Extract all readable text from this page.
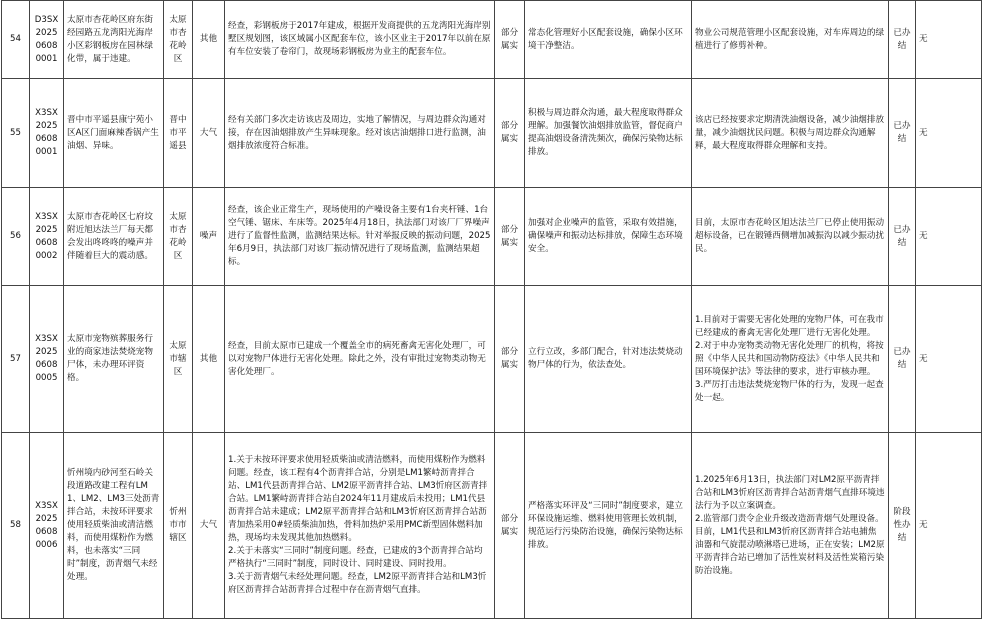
54	D3SX202506080001	太原市杏花岭区府东街经园路五龙湾阳光海岸小区彩钢板房在园林绿化带，属于违建。	太原市杏花岭区	其他	经查，彩钢板房于2017年建成，根据开发商提供的五龙湾阳光海岸别墅区规划图，该区域属小区配套车位，该小区业主于2017年以前在原有车位安装了卷帘门，故现场彩钢板房为业主的配套车位。	部分属实	常态化管理好小区配套设施，确保小区环境干净整洁。	物业公司规范管理小区配套设施，对车库周边的绿植进行了修剪补种。	已办结	无
55	X3SX202506080001	晋中市平遥县康宁苑小区A区门面麻辣香锅产生油烟、异味。	晋中市平遥县	大气	经有关部门多次走访该店及周边，实地了解情况，与周边群众沟通对接，存在因油烟排放产生异味现象。经对该店油烟排口进行监测，油烟排放浓度符合标准。	部分属实	积极与周边群众沟通，最大程度取得群众理解。加强餐饮油烟排放监管，督促商户提高油烟设备清洗频次，确保污染物达标排放。	该店已经按要求定期清洗油烟设备，减少油烟排放量，减少油烟扰民问题。积极与周边群众沟通解释，最大程度取得群众理解和支持。	已办结	无
56	X3SX202506080002	太原市杏花岭区七府坟附近旭达法兰厂每天都会发出咚咚咚的噪声并伴随着巨大的震动感。	太原市杏花岭区	噪声	经查，该企业正常生产，现场使用的产噪设备主要有1台夹杆锤、1台空气锤、锯床、车床等。2025年4月18日，执法部门对该厂厂界噪声进行了监督性监测，监测结果达标。针对举报反映的振动问题，2025年6月9日，执法部门对该厂振动情况进行了现场监测，监测结果超标。	部分属实	加强对企业噪声的监管，采取有效措施，确保噪声和振动达标排放，保障生态环境安全。	目前，太原市杏花岭区旭达法兰厂已停止使用振动超标设备，已在锻锤西侧增加减振沟以减少振动扰民。	已办结	无
57	X3SX202506080005	太原市宠物殡葬服务行业的商家违法焚烧宠物尸体，未办理环评资格。	太原市辖区	其他	经查，目前太原市已建成一个覆盖全市的病死畜禽无害化处理厂，可以对宠物尸体进行无害化处理。除此之外，没有审批过宠物类动物无害化处理厂。	部分属实	立行立改，多部门配合，针对违法焚烧动物尸体的行为，依法查处。	1.目前对于需要无害化处理的宠物尸体，可在我市已经建成的畜禽无害化处理厂进行无害化处理。
2.对于申办宠物类动物无害化处理厂的机构，将按照《中华人民共和国动物防疫法》《中华人民共和国环境保护法》等法律的要求，进行审核办理。
3.严厉打击违法焚烧宠物尸体的行为，发现一起查处一起。	已办结	无
58	X3SX202506080006	忻州境内砂河至石岭关段道路改建工程有LM1、LM2、LM3三处沥青拌合站，未按环评要求使用轻质柴油或清洁燃料，而使用煤粉作为燃料，也未落实“三同时”制度，沥青烟气未经处理。	忻州市市辖区	大气	1.关于未按环评要求使用轻质柴油或清洁燃料，而使用煤粉作为燃料问题。经查，该工程有4个沥青拌合站，分别是LM1繁峙沥青拌合站、LM1代县沥青拌合站、LM2原平沥青拌合站、LM3忻府区沥青拌合站。LM1繁峙沥青拌合站自2024年11月建成后未投用；LM1代县沥青拌合站未建成；LM2原平沥青拌合站和LM3忻府区沥青拌合站沥青加热采用0#轻质柴油加热，骨料加热炉采用PMC新型固体燃料加热，现场均未发现其他加热燃料。
2.关于未落实“三同时”制度问题。经查，已建成的3个沥青拌合站均严格执行“三同时”制度，同时设计、同时建设、同时投用。
3.关于沥青烟气未经处理问题。经查，LM2原平沥青拌合站和LM3忻府区沥青拌合站沥青拌合过程中存在沥青烟气直排。	部分属实	严格落实环评及“三同时”制度要求，建立环保设施运维、燃料使用管理长效机制，规范运行污染防治设施，确保污染物达标排放。	1.2025年6月13日，执法部门对LM2原平沥青拌合站和LM3忻府区沥青拌合站沥青烟气直排环境违法行为予以立案调查。
2.监管部门责令企业升级改造沥青烟气处理设备。目前，LM1代县和LM3忻府区沥青拌合站电捕焦油器和气旋混动喷淋塔已进场，正在安装；LM2原平沥青拌合站已增加了活性炭材料及活性炭箱污染防治设施。	阶段性办结	无
